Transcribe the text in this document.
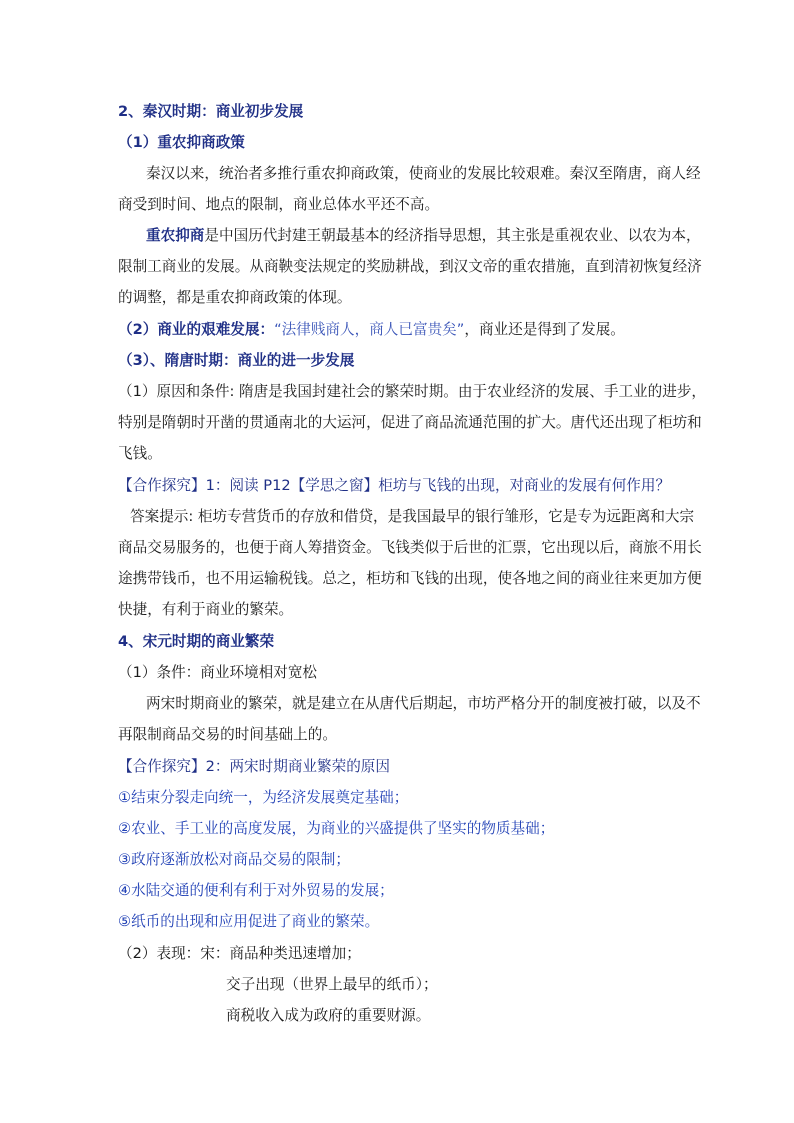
2、秦汉时期：商业初步发展
（1）重农抑商政策
秦汉以来，统治者多推行重农抑商政策，使商业的发展比较艰难。秦汉至隋唐，商人经
商受到时间、地点的限制，商业总体水平还不高。
重农抑商是中国历代封建王朝最基本的经济指导思想，其主张是重视农业、以农为本，
限制工商业的发展。从商鞅变法规定的奖励耕战，到汉文帝的重农措施，直到清初恢复经济
的调整，都是重农抑商政策的体现。
（2）商业的艰难发展：“法律贱商人，商人已富贵矣”，商业还是得到了发展。
（3）、隋唐时期：商业的进一步发展
（1）原因和条件: 隋唐是我国封建社会的繁荣时期。由于农业经济的发展、手工业的进步，
特别是隋朝时开凿的贯通南北的大运河，促进了商品流通范围的扩大。唐代还出现了柜坊和
飞钱。
【合作探究】1：阅读 P12【学思之窗】柜坊与飞钱的出现，对商业的发展有何作用？
答案提示: 柜坊专营货币的存放和借贷，是我国最早的银行雏形，它是专为远距离和大宗
商品交易服务的，也便于商人筹措资金。飞钱类似于后世的汇票，它出现以后，商旅不用长
途携带钱币，也不用运输税钱。总之，柜坊和飞钱的出现，使各地之间的商业往来更加方便
快捷，有利于商业的繁荣。
4、宋元时期的商业繁荣
（1）条件：商业环境相对宽松
两宋时期商业的繁荣，就是建立在从唐代后期起，市坊严格分开的制度被打破，以及不
再限制商品交易的时间基础上的。
【合作探究】2：两宋时期商业繁荣的原因
①结束分裂走向统一，为经济发展奠定基础；
②农业、手工业的高度发展，为商业的兴盛提供了坚实的物质基础；
③政府逐渐放松对商品交易的限制；
④水陆交通的便利有利于对外贸易的发展；
⑤纸币的出现和应用促进了商业的繁荣。
（2）表现：宋：商品种类迅速增加；
交子出现（世界上最早的纸币）；
商税收入成为政府的重要财源。
